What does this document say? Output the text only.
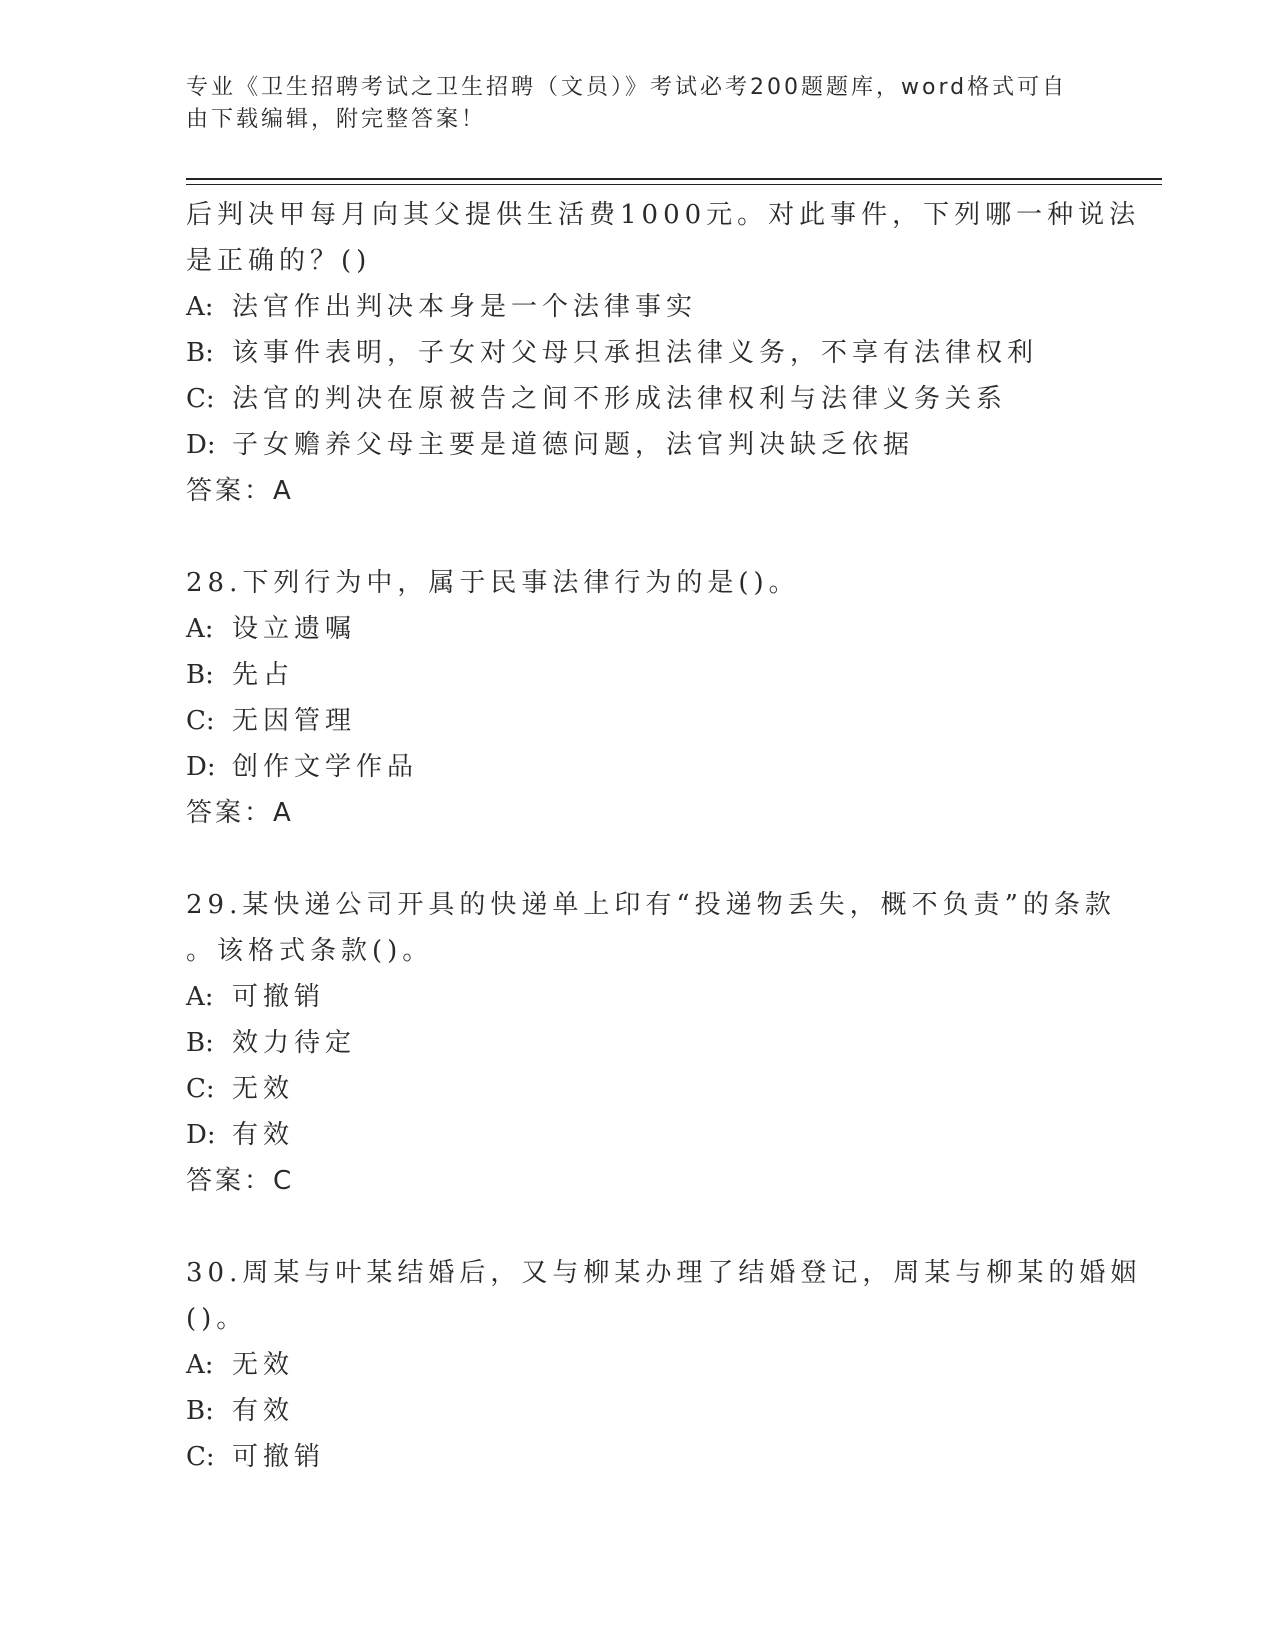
专业《卫生招聘考试之卫生招聘（文员）》考试必考200题题库，word格式可自
由下载编辑，附完整答案！
后判决甲每月向其父提供生活费1000元。对此事件，下列哪一种说法
是正确的？()
A: 法官作出判决本身是一个法律事实
B: 该事件表明，子女对父母只承担法律义务，不享有法律权利
C: 法官的判决在原被告之间不形成法律权利与法律义务关系
D: 子女赡养父母主要是道德问题，法官判决缺乏依据
答案：A
28.下列行为中，属于民事法律行为的是()。
A: 设立遗嘱
B: 先占
C: 无因管理
D: 创作文学作品
答案：A
29.某快递公司开具的快递单上印有“投递物丢失，概不负责”的条款
。该格式条款()。
A: 可撤销
B: 效力待定
C: 无效
D: 有效
答案：C
30.周某与叶某结婚后，又与柳某办理了结婚登记，周某与柳某的婚姻
()。
A: 无效
B: 有效
C: 可撤销
